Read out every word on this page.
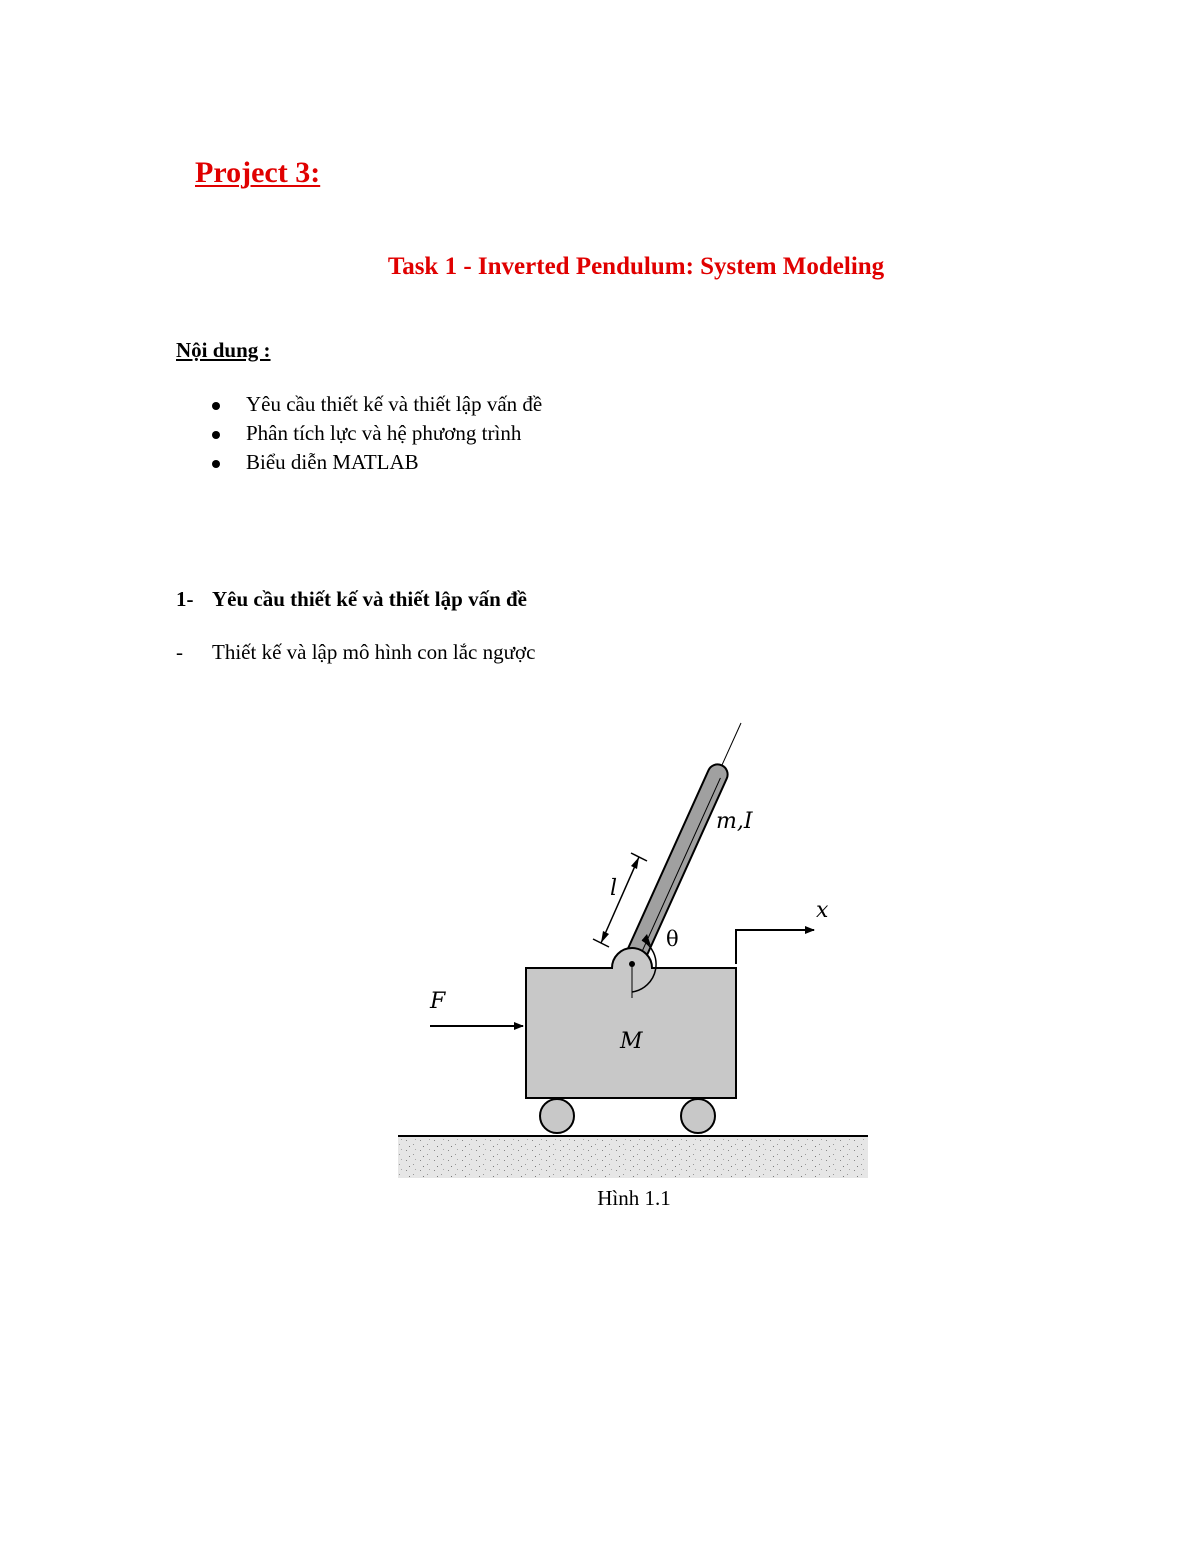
Project 3:
Task 1 - Inverted Pendulum: System Modeling
Nội dung :
Yêu cầu thiết kế và thiết lập vấn đề
Phân tích lực và hệ phương trình
Biểu diễn MATLAB
1- Yêu cầu thiết kế và thiết lập vấn đề
- Thiết kế và lập mô hình con lắc ngược
m,I
l
x
θ
F
M
Hình 1.1
